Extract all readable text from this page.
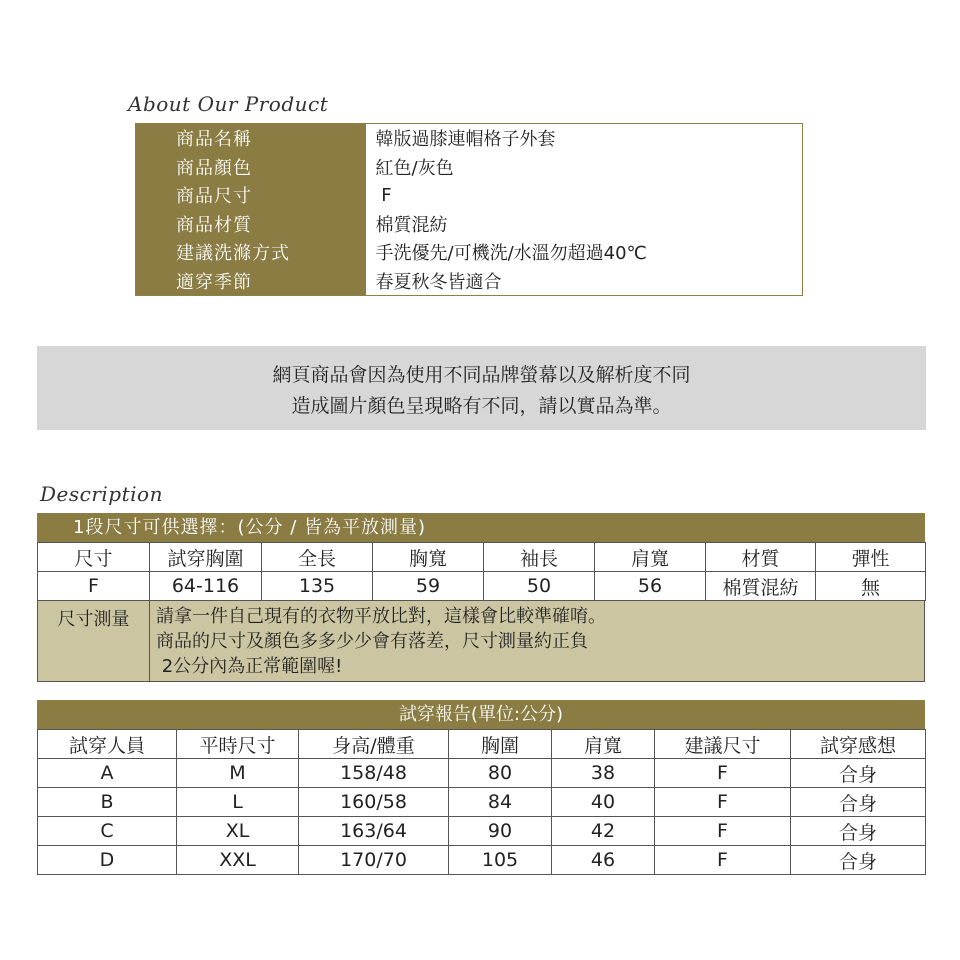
About Our Product
商品名稱	韓版過膝連帽格子外套
商品顏色	紅色/灰色
商品尺寸	F
商品材質	棉質混紡
建議洗滌方式	手洗優先/可機洗/水溫勿超過40℃
適穿季節	春夏秋冬皆適合
網頁商品會因為使用不同品牌螢幕以及解析度不同
造成圖片顏色呈現略有不同，請以實品為準。
Description
1段尺寸可供選擇：(公分 / 皆為平放測量)
尺寸	試穿胸圍	全長	胸寬	袖長	肩寬	材質	彈性
F	64-116	135	59	50	56	棉質混紡	無
尺寸測量	請拿一件自己現有的衣物平放比對，這樣會比較準確唷。
商品的尺寸及顏色多多少少會有落差，尺寸測量約正負
2公分內為正常範圍喔!
試穿報告(單位:公分)
試穿人員	平時尺寸	身高/體重	胸圍	肩寬	建議尺寸	試穿感想
A	M	158/48	80	38	F	合身
B	L	160/58	84	40	F	合身
C	XL	163/64	90	42	F	合身
D	XXL	170/70	105	46	F	合身
